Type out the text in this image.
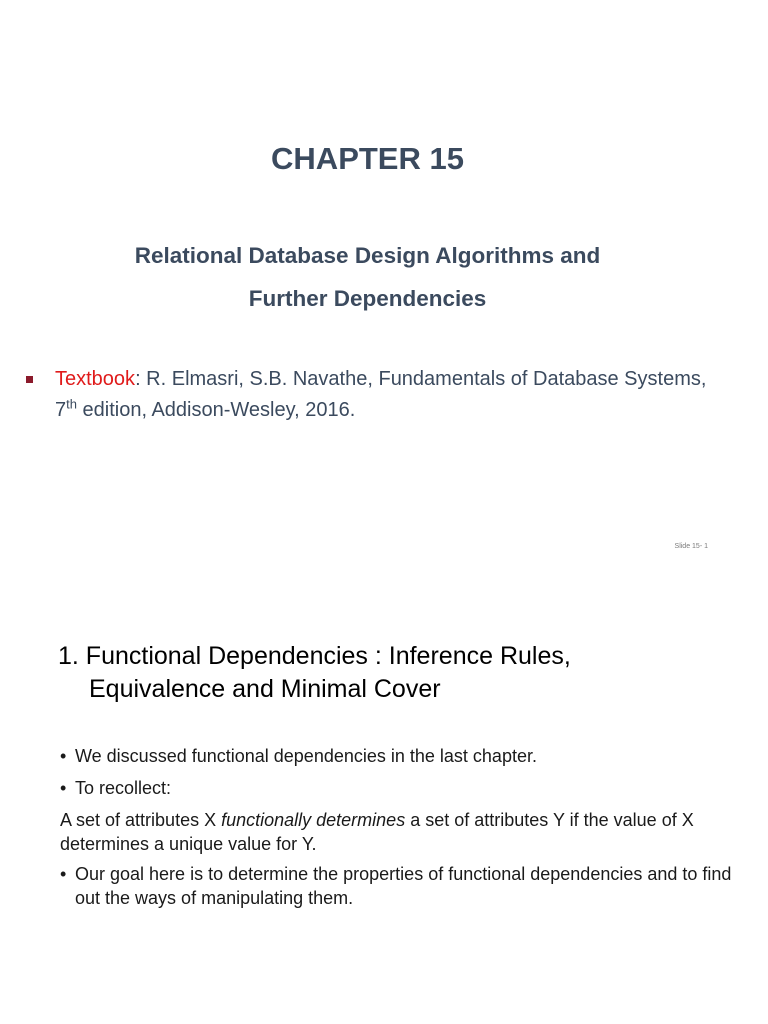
CHAPTER 15
Relational Database Design Algorithms and
Further Dependencies
Textbook: R. Elmasri, S.B. Navathe, Fundamentals of Database Systems, 7th edition, Addison-Wesley, 2016.
Slide 15- 1
1. Functional Dependencies : Inference Rules,
Equivalence and Minimal Cover
• We discussed functional dependencies in the last chapter.
• To recollect:
A set of attributes X functionally determines a set of attributes Y if the value of X determines a unique value for Y.
• Our goal here is to determine the properties of functional dependencies and to find out the ways of manipulating them.
